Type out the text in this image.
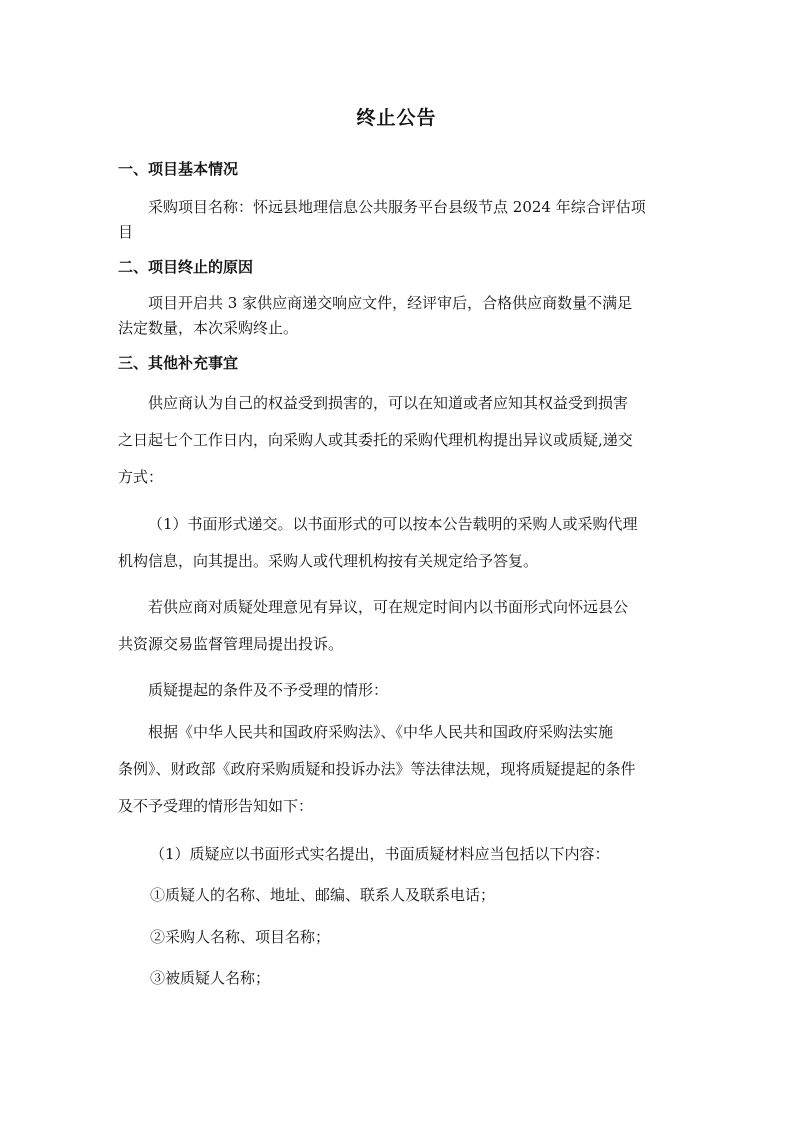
终止公告
一、项目基本情况
采购项目名称：怀远县地理信息公共服务平台县级节点 2024 年综合评估项
目
二、项目终止的原因
项目开启共 3 家供应商递交响应文件，经评审后，合格供应商数量不满足
法定数量，本次采购终止。
三、其他补充事宜
供应商认为自己的权益受到损害的，可以在知道或者应知其权益受到损害
之日起七个工作日内，向采购人或其委托的采购代理机构提出异议或质疑,递交
方式：
（1）书面形式递交。以书面形式的可以按本公告载明的采购人或采购代理
机构信息，向其提出。采购人或代理机构按有关规定给予答复。
若供应商对质疑处理意见有异议，可在规定时间内以书面形式向怀远县公
共资源交易监督管理局提出投诉。
质疑提起的条件及不予受理的情形：
根据《中华人民共和国政府采购法》、《中华人民共和国政府采购法实施
条例》、财政部《政府采购质疑和投诉办法》等法律法规，现将质疑提起的条件
及不予受理的情形告知如下：
（1）质疑应以书面形式实名提出，书面质疑材料应当包括以下内容：
①质疑人的名称、地址、邮编、联系人及联系电话；
②采购人名称、项目名称；
③被质疑人名称；
